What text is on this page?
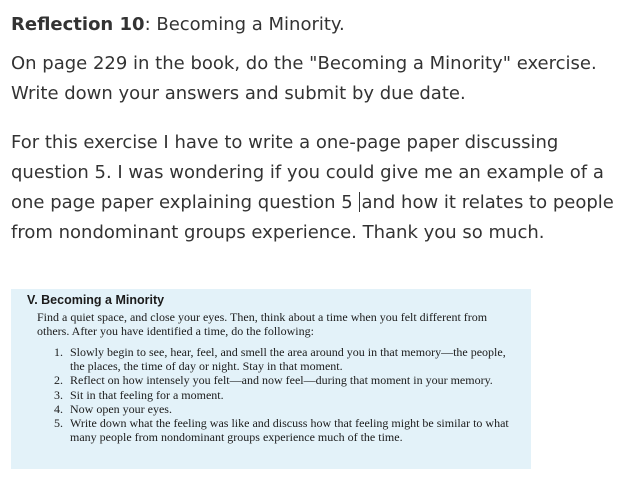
Reflection 10: Becoming a Minority.

On page 229 in the book, do the "Becoming a Minority" exercise. Write down your answers and submit by due date.

For this exercise I have to write a one-page paper discussing question 5. I was wondering if you could give me an example of a one page paper explaining question 5 and how it relates to people from nondominant groups experience. Thank you so much.

V. Becoming a Minority

Find a quiet space, and close your eyes. Then, think about a time when you felt different from others. After you have identified a time, do the following:

1. Slowly begin to see, hear, feel, and smell the area around you in that memory—the people, the places, the time of day or night. Stay in that moment.
2. Reflect on how intensely you felt—and now feel—during that moment in your memory.
3. Sit in that feeling for a moment.
4. Now open your eyes.
5. Write down what the feeling was like and discuss how that feeling might be similar to what many people from nondominant groups experience much of the time.
